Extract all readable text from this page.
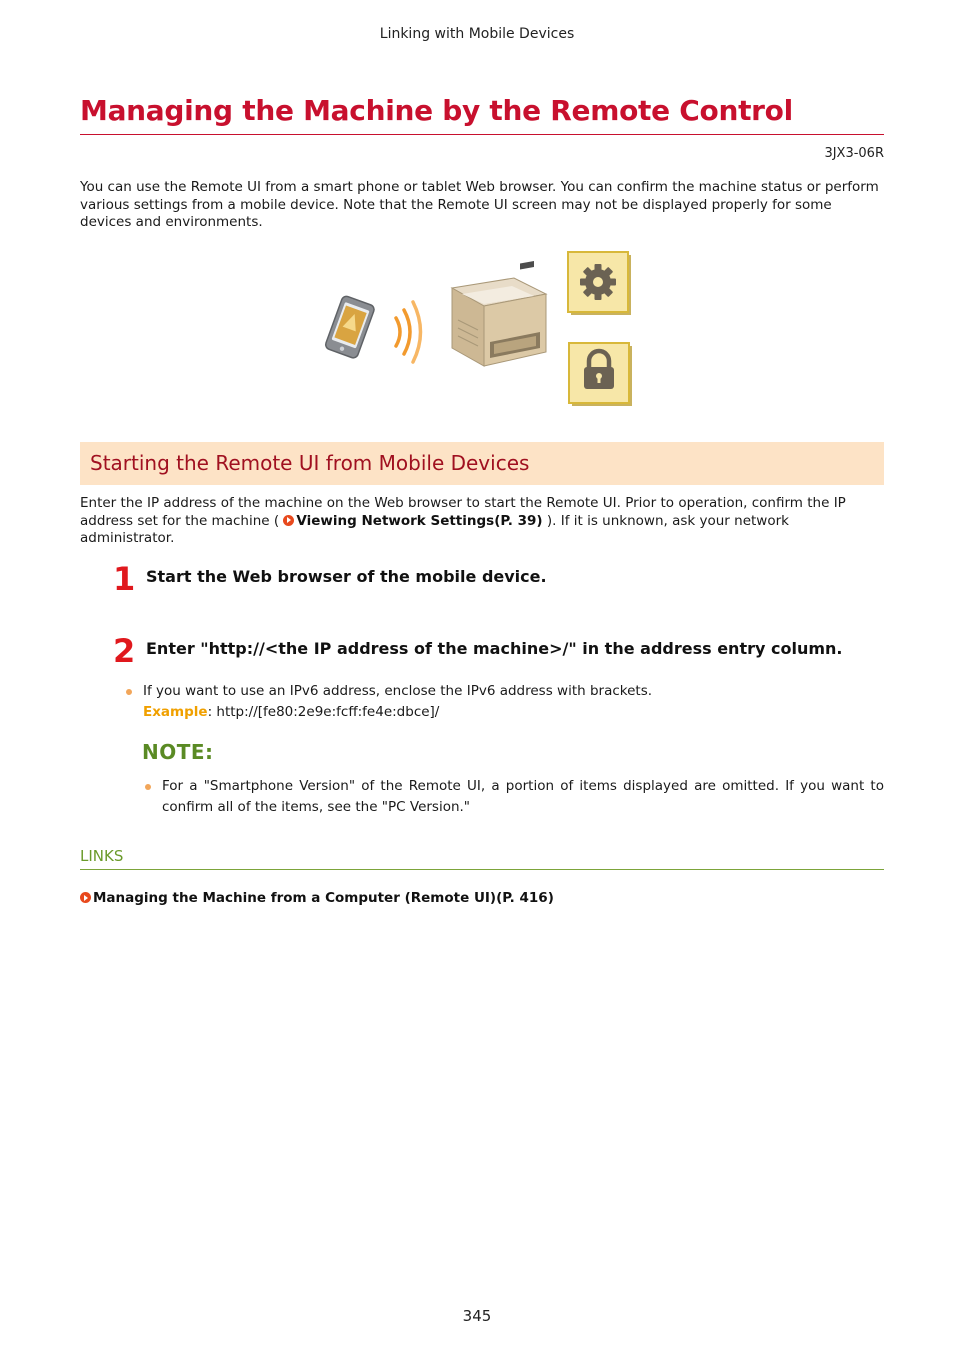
Linking with Mobile Devices
Managing the Machine by the Remote Control
3JX3-06R

You can use the Remote UI from a smart phone or tablet Web browser. You can confirm the machine status or perform various settings from a mobile device. Note that the Remote UI screen may not be displayed properly for some devices and environments.

Starting the Remote UI from Mobile Devices

Enter the IP address of the machine on the Web browser to start the Remote UI. Prior to operation, confirm the IP address set for the machine ( Viewing Network Settings(P. 39) ). If it is unknown, ask your network administrator.

1 Start the Web browser of the mobile device.
2 Enter "http://<the IP address of the machine>/" in the address entry column.
If you want to use an IPv6 address, enclose the IPv6 address with brackets.
Example: http://[fe80:2e9e:fcff:fe4e:dbce]/
NOTE:
For a "Smartphone Version" of the Remote UI, a portion of items displayed are omitted. If you want to confirm all of the items, see the "PC Version."
LINKS
Managing the Machine from a Computer (Remote UI)(P. 416)
345
